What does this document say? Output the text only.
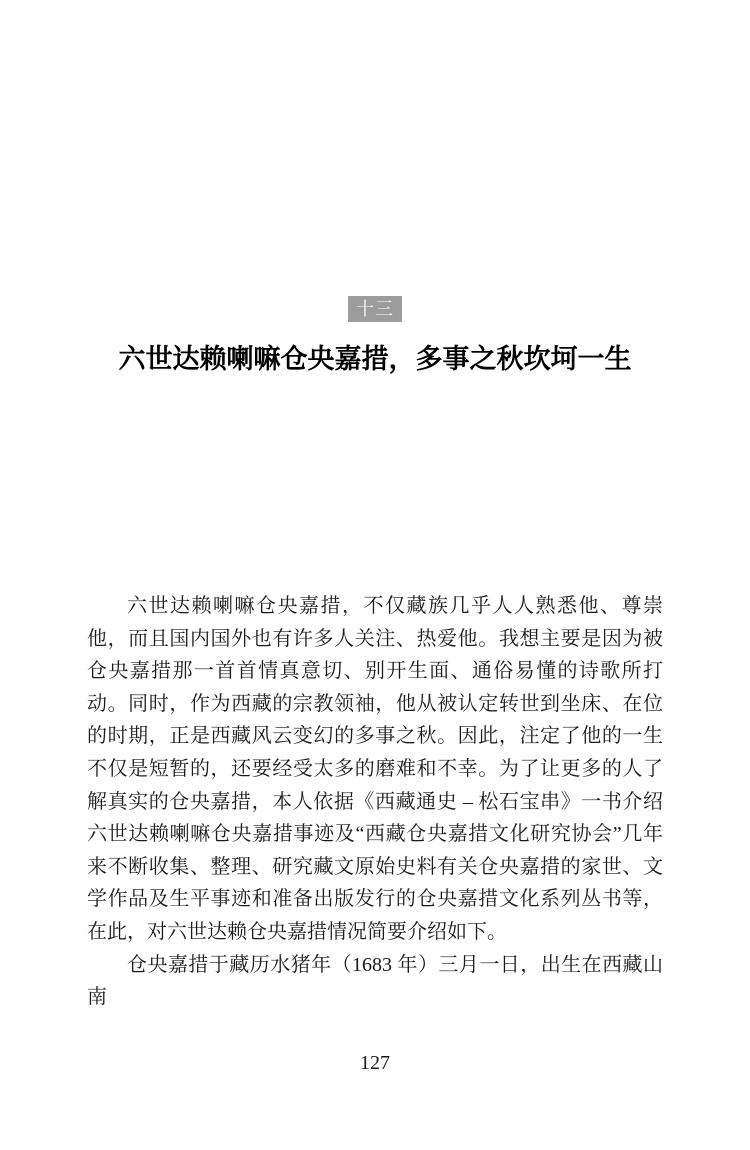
十三
六世达赖喇嘛仓央嘉措，多事之秋坎坷一生

六世达赖喇嘛仓央嘉措，不仅藏族几乎人人熟悉他、尊崇他，而且国内国外也有许多人关注、热爱他。我想主要是因为被仓央嘉措那一首首情真意切、别开生面、通俗易懂的诗歌所打动。同时，作为西藏的宗教领袖，他从被认定转世到坐床、在位的时期，正是西藏风云变幻的多事之秋。因此，注定了他的一生不仅是短暂的，还要经受太多的磨难和不幸。为了让更多的人了解真实的仓央嘉措，本人依据《西藏通史 – 松石宝串》一书介绍六世达赖喇嘛仓央嘉措事迹及“西藏仓央嘉措文化研究协会”几年来不断收集、整理、研究藏文原始史料有关仓央嘉措的家世、文学作品及生平事迹和准备出版发行的仓央嘉措文化系列丛书等，在此，对六世达赖仓央嘉措情况简要介绍如下。

仓央嘉措于藏历水猪年（1683 年）三月一日，出生在西藏山南

127
